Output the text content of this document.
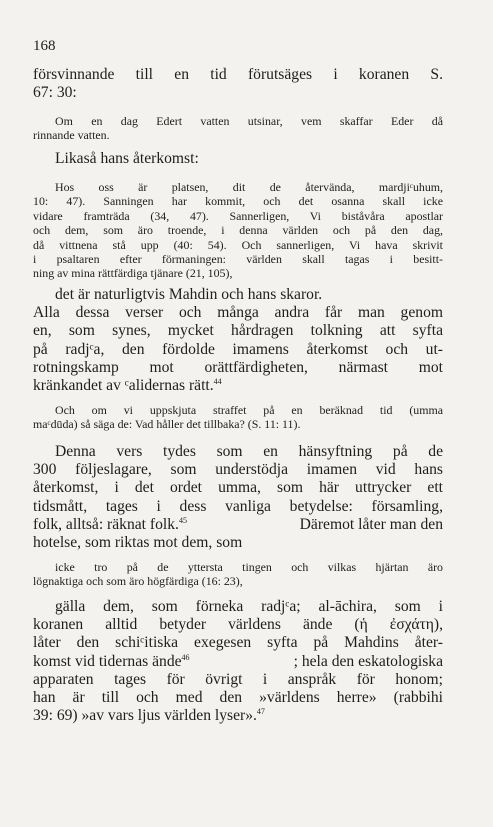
168
försvinnande till en tid förutsäges i koranen S.
67: 30:
Om en dag Edert vatten utsinar, vem skaffar Eder då
rinnande vatten.
Likaså hans återkomst:
Hos oss är platsen, dit de återvända, mardjiᶜuhum,
10: 47). Sanningen har kommit, och det osanna skall icke
vidare framträda (34, 47). Sannerligen, Vi biståvåra apostlar
och dem, som äro troende, i denna världen och på den dag,
då vittnena stå upp (40: 54). Och sannerligen, Vi hava skrivit
i psaltaren efter förmaningen: världen skall tagas i besitt-
ning av mina rättfärdiga tjänare (21, 105),
det är naturligtvis Mahdin och hans skaror.
Alla dessa verser och många andra får man genom
en, som synes, mycket hårdragen tolkning att syfta
på radjᶜa, den fördolde imamens återkomst och ut-
rotningskamp mot orättfärdigheten, närmast mot
kränkandet av ᶜalidernas rätt.$^{44}$
Och om vi uppskjuta straffet på en beräknad tid (umma
maᶜdūda) så säga de: Vad håller det tillbaka? (S. 11: 11).
Denna vers tydes som en hänsyftning på de
300 följeslagare, som understödja imamen vid hans
återkomst, i det ordet umma, som här uttrycker ett
tidsmått, tages i dess vanliga betydelse: församling,
folk, alltså: räknat folk.$^{45}$	Däremot låter man den
hotelse, som riktas mot dem, som
icke tro på de yttersta tingen och vilkas hjärtan äro
lögnaktiga och som äro högfärdiga (16: 23),
gälla dem, som förneka radjᶜa; al-āchira, som i
koranen alltid betyder världens ände (ἡ ἐσχάτη),
låter den schiᶜitiska exegesen syfta på Mahdins åter-
komst vid tidernas ände$^{46}$	; hela den eskatologiska
apparaten tages för övrigt i anspråk för honom;
han är till och med den »världens herre» (rabbihi
39: 69) »av vars ljus världen lyser».$^{47}$
